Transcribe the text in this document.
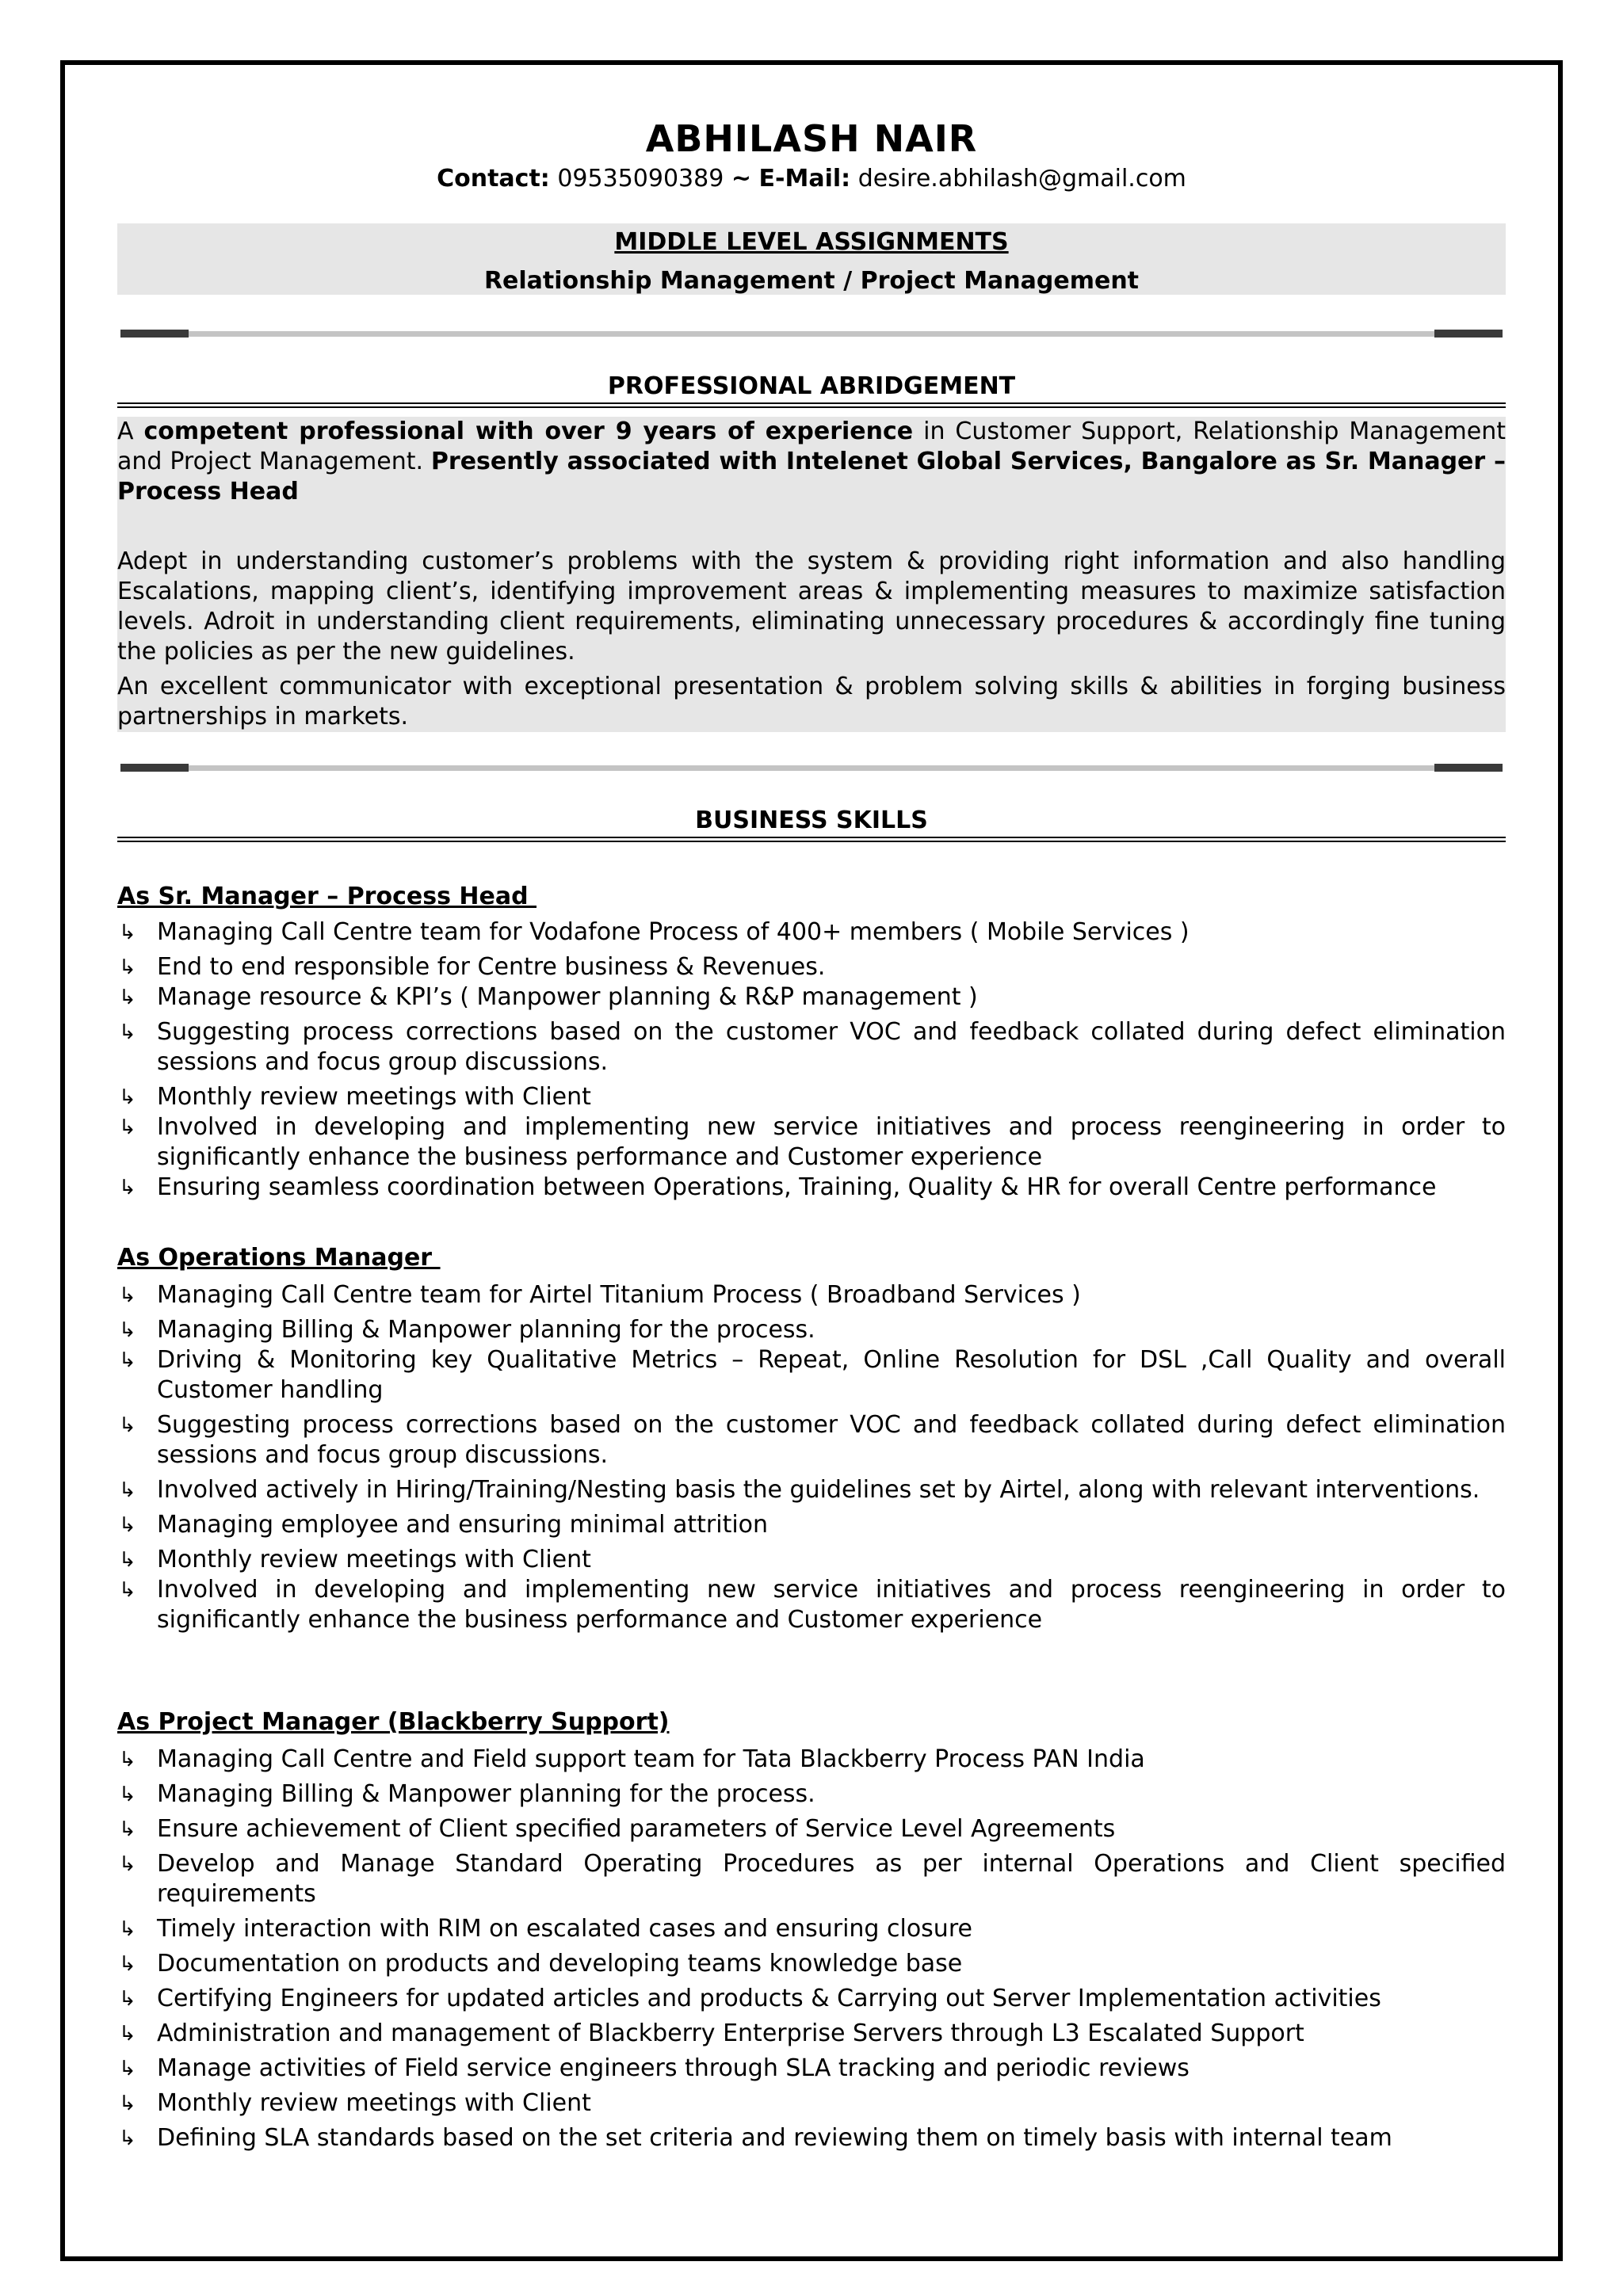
ABHILASH NAIR
Contact: 09535090389 ~ E-Mail: desire.abhilash@gmail.com
MIDDLE LEVEL ASSIGNMENTS
Relationship Management / Project Management
PROFESSIONAL ABRIDGEMENT
A competent professional with over 9 years of experience in Customer Support, Relationship Management and Project Management. Presently associated with Intelenet Global Services, Bangalore as Sr. Manager – Process Head
Adept in understanding customer’s problems with the system & providing right information and also handling Escalations, mapping client’s, identifying improvement areas & implementing measures to maximize satisfaction levels. Adroit in understanding client requirements, eliminating unnecessary procedures & accordingly fine tuning the policies as per the new guidelines.
An excellent communicator with exceptional presentation & problem solving skills & abilities in forging business partnerships in markets.
BUSINESS SKILLS
As Sr. Manager – Process Head
↳ Managing Call Centre team for Vodafone Process of 400+ members ( Mobile Services )
↳ End to end responsible for Centre business & Revenues.
↳ Manage resource & KPI’s ( Manpower planning & R&P management )
↳ Suggesting process corrections based on the customer VOC and feedback collated during defect elimination sessions and focus group discussions.
↳ Monthly review meetings with Client
↳ Involved in developing and implementing new service initiatives and process reengineering in order to significantly enhance the business performance and Customer experience
↳ Ensuring seamless coordination between Operations, Training, Quality & HR for overall Centre performance
As Operations Manager
↳ Managing Call Centre team for Airtel Titanium Process ( Broadband Services )
↳ Managing Billing & Manpower planning for the process.
↳ Driving & Monitoring key Qualitative Metrics – Repeat, Online Resolution for DSL ,Call Quality and overall Customer handling
↳ Suggesting process corrections based on the customer VOC and feedback collated during defect elimination sessions and focus group discussions.
↳ Involved actively in Hiring/Training/Nesting basis the guidelines set by Airtel, along with relevant interventions.
↳ Managing employee and ensuring minimal attrition
↳ Monthly review meetings with Client
↳ Involved in developing and implementing new service initiatives and process reengineering in order to significantly enhance the business performance and Customer experience
As Project Manager (Blackberry Support)
↳ Managing Call Centre and Field support team for Tata Blackberry Process PAN India
↳ Managing Billing & Manpower planning for the process.
↳ Ensure achievement of Client specified parameters of Service Level Agreements
↳ Develop and Manage Standard Operating Procedures as per internal Operations and Client specified requirements
↳ Timely interaction with RIM on escalated cases and ensuring closure
↳ Documentation on products and developing teams knowledge base
↳ Certifying Engineers for updated articles and products & Carrying out Server Implementation activities
↳ Administration and management of Blackberry Enterprise Servers through L3 Escalated Support
↳ Manage activities of Field service engineers through SLA tracking and periodic reviews
↳ Monthly review meetings with Client
↳ Defining SLA standards based on the set criteria and reviewing them on timely basis with internal team
